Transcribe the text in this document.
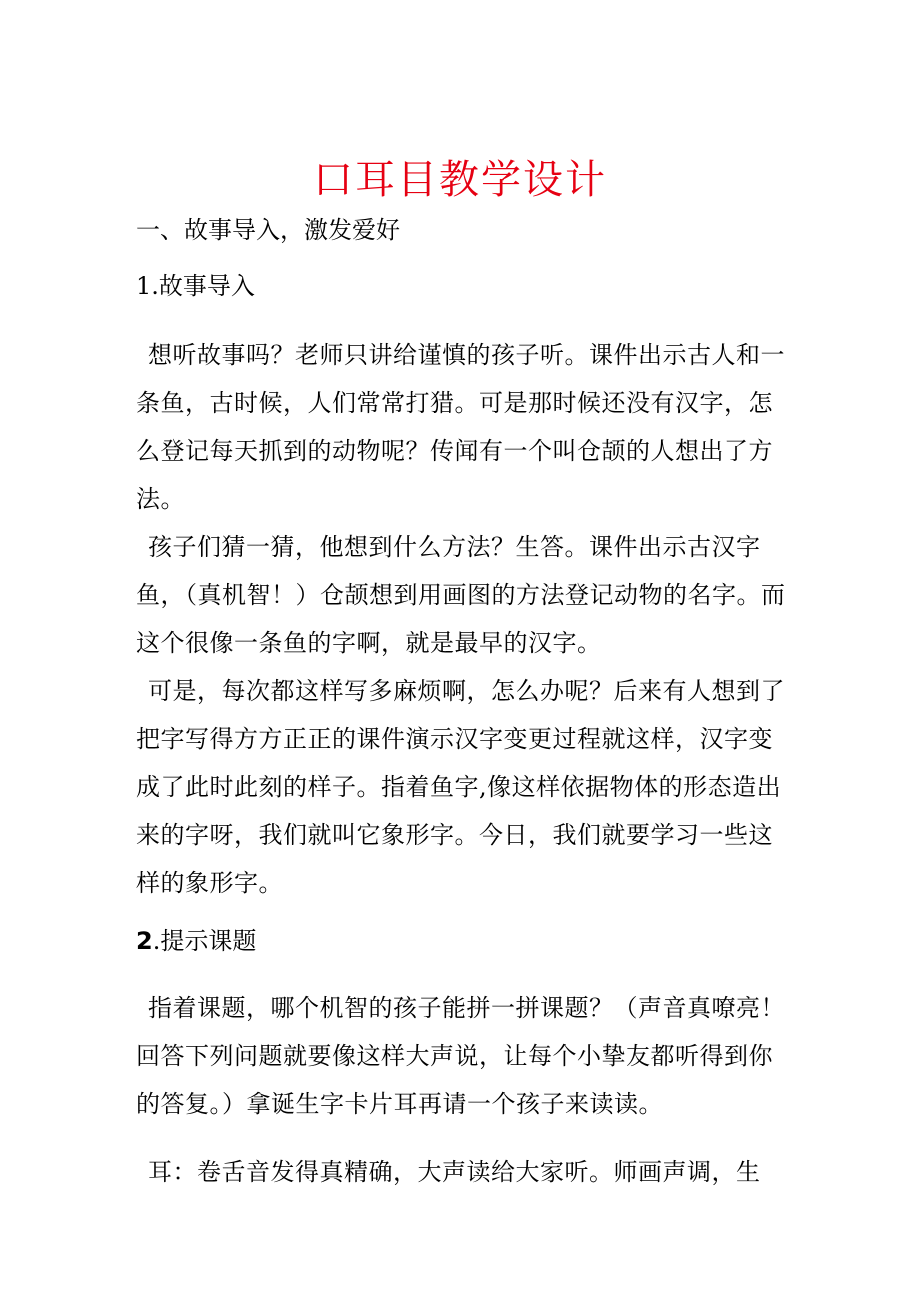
口耳目教学设计
一、故事导入，激发爱好
1.故事导入

想听故事吗？老师只讲给谨慎的孩子听。课件出示古人和一条鱼，古时候，人们常常打猎。可是那时候还没有汉字，怎么登记每天抓到的动物呢？传闻有一个叫仓颉的人想出了方法。

孩子们猜一猜，他想到什么方法？生答。课件出示古汉字鱼，（真机智！）仓颉想到用画图的方法登记动物的名字。而这个很像一条鱼的字啊，就是最早的汉字。

可是，每次都这样写多麻烦啊，怎么办呢？后来有人想到了把字写得方方正正的课件演示汉字变更过程就这样，汉字变成了此时此刻的样子。指着鱼字,像这样依据物体的形态造出来的字呀，我们就叫它象形字。今日，我们就要学习一些这样的象形字。

2.提示课题

指着课题，哪个机智的孩子能拼一拼课题？（声音真嘹亮！回答下列问题就要像这样大声说，让每个小挚友都听得到你的答复。）拿诞生字卡片耳再请一个孩子来读读。

耳：卷舌音发得真精确，大声读给大家听。师画声调，生
